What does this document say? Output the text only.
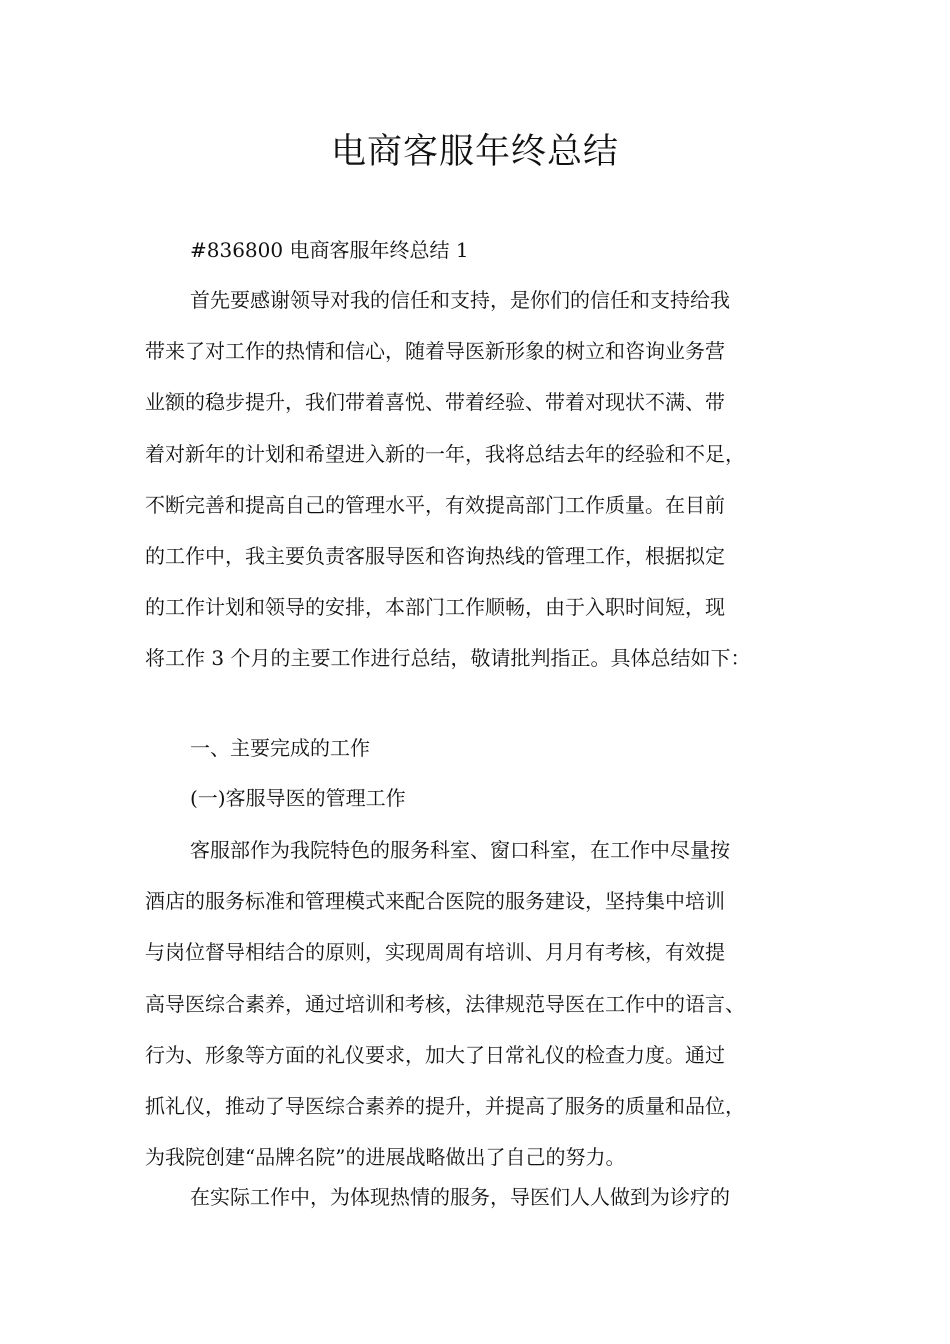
电商客服年终总结

#836800 电商客服年终总结 1

首先要感谢领导对我的信任和支持，是你们的信任和支持给我
带来了对工作的热情和信心，随着导医新形象的树立和咨询业务营
业额的稳步提升，我们带着喜悦、带着经验、带着对现状不满、带
着对新年的计划和希望进入新的一年，我将总结去年的经验和不足，
不断完善和提高自己的管理水平，有效提高部门工作质量。在目前
的工作中，我主要负责客服导医和咨询热线的管理工作，根据拟定
的工作计划和领导的安排，本部门工作顺畅，由于入职时间短，现
将工作 3 个月的主要工作进行总结，敬请批判指正。具体总结如下：

一、主要完成的工作

(一)客服导医的管理工作

客服部作为我院特色的服务科室、窗口科室，在工作中尽量按
酒店的服务标准和管理模式来配合医院的服务建设，坚持集中培训
与岗位督导相结合的原则，实现周周有培训、月月有考核，有效提
高导医综合素养，通过培训和考核，法律规范导医在工作中的语言、
行为、形象等方面的礼仪要求，加大了日常礼仪的检查力度。通过
抓礼仪，推动了导医综合素养的提升，并提高了服务的质量和品位，
为我院创建“品牌名院”的进展战略做出了自己的努力。
在实际工作中，为体现热情的服务，导医们人人做到为诊疗的
